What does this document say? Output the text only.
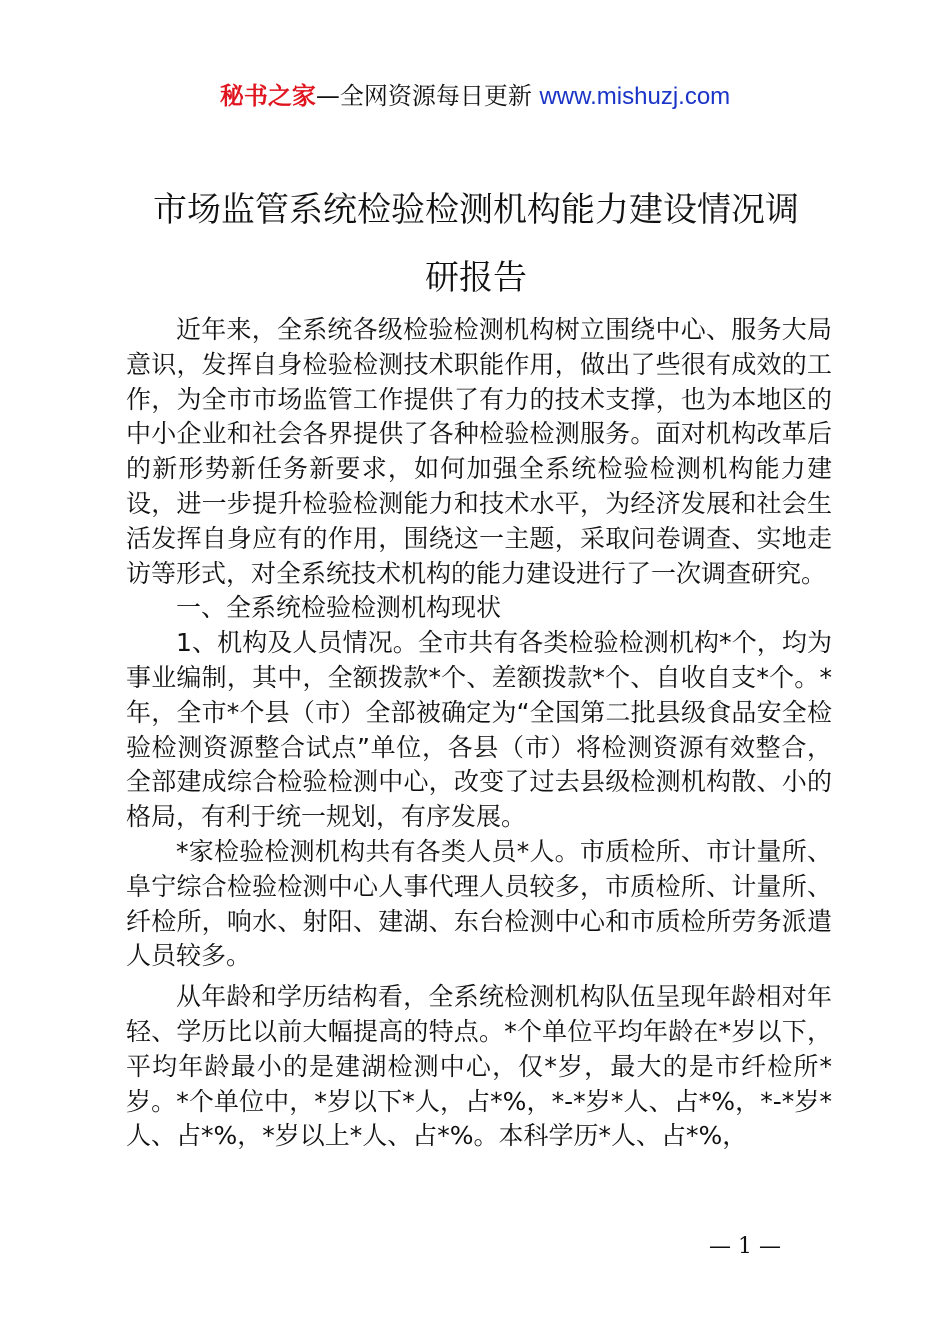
秘书之家—全网资源每日更新 www.mishuzj.com
市场监管系统检验检测机构能力建设情况调
研报告

近年来，全系统各级检验检测机构树立围绕中心、服务大局意识，发挥自身检验检测技术职能作用，做出了些很有成效的工作，为全市市场监管工作提供了有力的技术支撑，也为本地区的中小企业和社会各界提供了各种检验检测服务。面对机构改革后的新形势新任务新要求，如何加强全系统检验检测机构能力建设，进一步提升检验检测能力和技术水平，为经济发展和社会生活发挥自身应有的作用，围绕这一主题，采取问卷调查、实地走访等形式，对全系统技术机构的能力建设进行了一次调查研究。

一、全系统检验检测机构现状

1、机构及人员情况。全市共有各类检验检测机构*个，均为事业编制，其中，全额拨款*个、差额拨款*个、自收自支*个。*年，全市*个县（市）全部被确定为“全国第二批县级食品安全检验检测资源整合试点”单位，各县（市）将检测资源有效整合，全部建成综合检验检测中心，改变了过去县级检测机构散、小的格局，有利于统一规划，有序发展。

*家检验检测机构共有各类人员*人。市质检所、市计量所、阜宁综合检验检测中心人事代理人员较多，市质检所、计量所、纤检所，响水、射阳、建湖、东台检测中心和市质检所劳务派遣人员较多。

从年龄和学历结构看，全系统检测机构队伍呈现年龄相对年轻、学历比以前大幅提高的特点。*个单位平均年龄在*岁以下，平均年龄最小的是建湖检测中心，仅*岁，最大的是市纤检所*岁。*个单位中，*岁以下*人，占*%，*-*岁*人、占*%，*-*岁*人、占*%，*岁以上*人、占*%。本科学历*人、占*%，

— 1 —
